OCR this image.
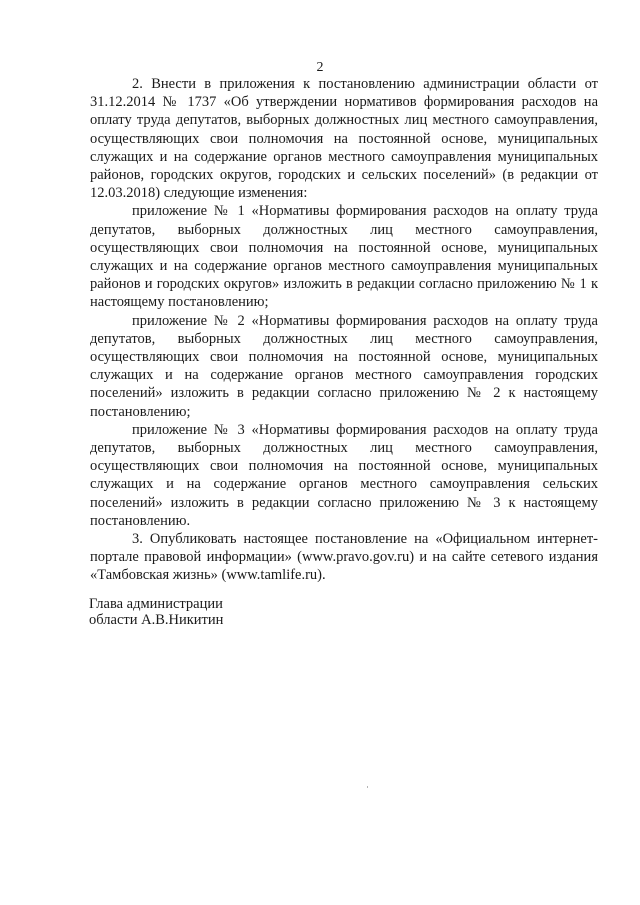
2

2. Внести в приложения к постановлению администрации области от 31.12.2014 № 1737 «Об утверждении нормативов формирования расходов на оплату труда депутатов, выборных должностных лиц местного самоуправления, осуществляющих свои полномочия на постоянной основе, муниципальных служащих и на содержание органов местного самоуправления муниципальных районов, городских округов, городских и сельских поселений» (в редакции от 12.03.2018) следующие изменения:

приложение № 1 «Нормативы формирования расходов на оплату труда депутатов, выборных должностных лиц местного самоуправления, осуществляющих свои полномочия на постоянной основе, муниципальных служащих и на содержание органов местного самоуправления муниципальных районов и городских округов» изложить в редакции согласно приложению № 1 к настоящему постановлению;

приложение № 2 «Нормативы формирования расходов на оплату труда депутатов, выборных должностных лиц местного самоуправления, осуществляющих свои полномочия на постоянной основе, муниципальных служащих и на содержание органов местного самоуправления городских поселений» изложить в редакции согласно приложению № 2 к настоящему постановлению;

приложение № 3 «Нормативы формирования расходов на оплату труда депутатов, выборных должностных лиц местного самоуправления, осуществляющих свои полномочия на постоянной основе, муниципальных служащих и на содержание органов местного самоуправления сельских поселений» изложить в редакции согласно приложению № 3 к настоящему постановлению.

3. Опубликовать настоящее постановление на «Официальном интернет-портале правовой информации» (www.pravo.gov.ru) и на сайте сетевого издания «Тамбовская жизнь» (www.tamlife.ru).

Глава администрации
области А.В.Никитин
